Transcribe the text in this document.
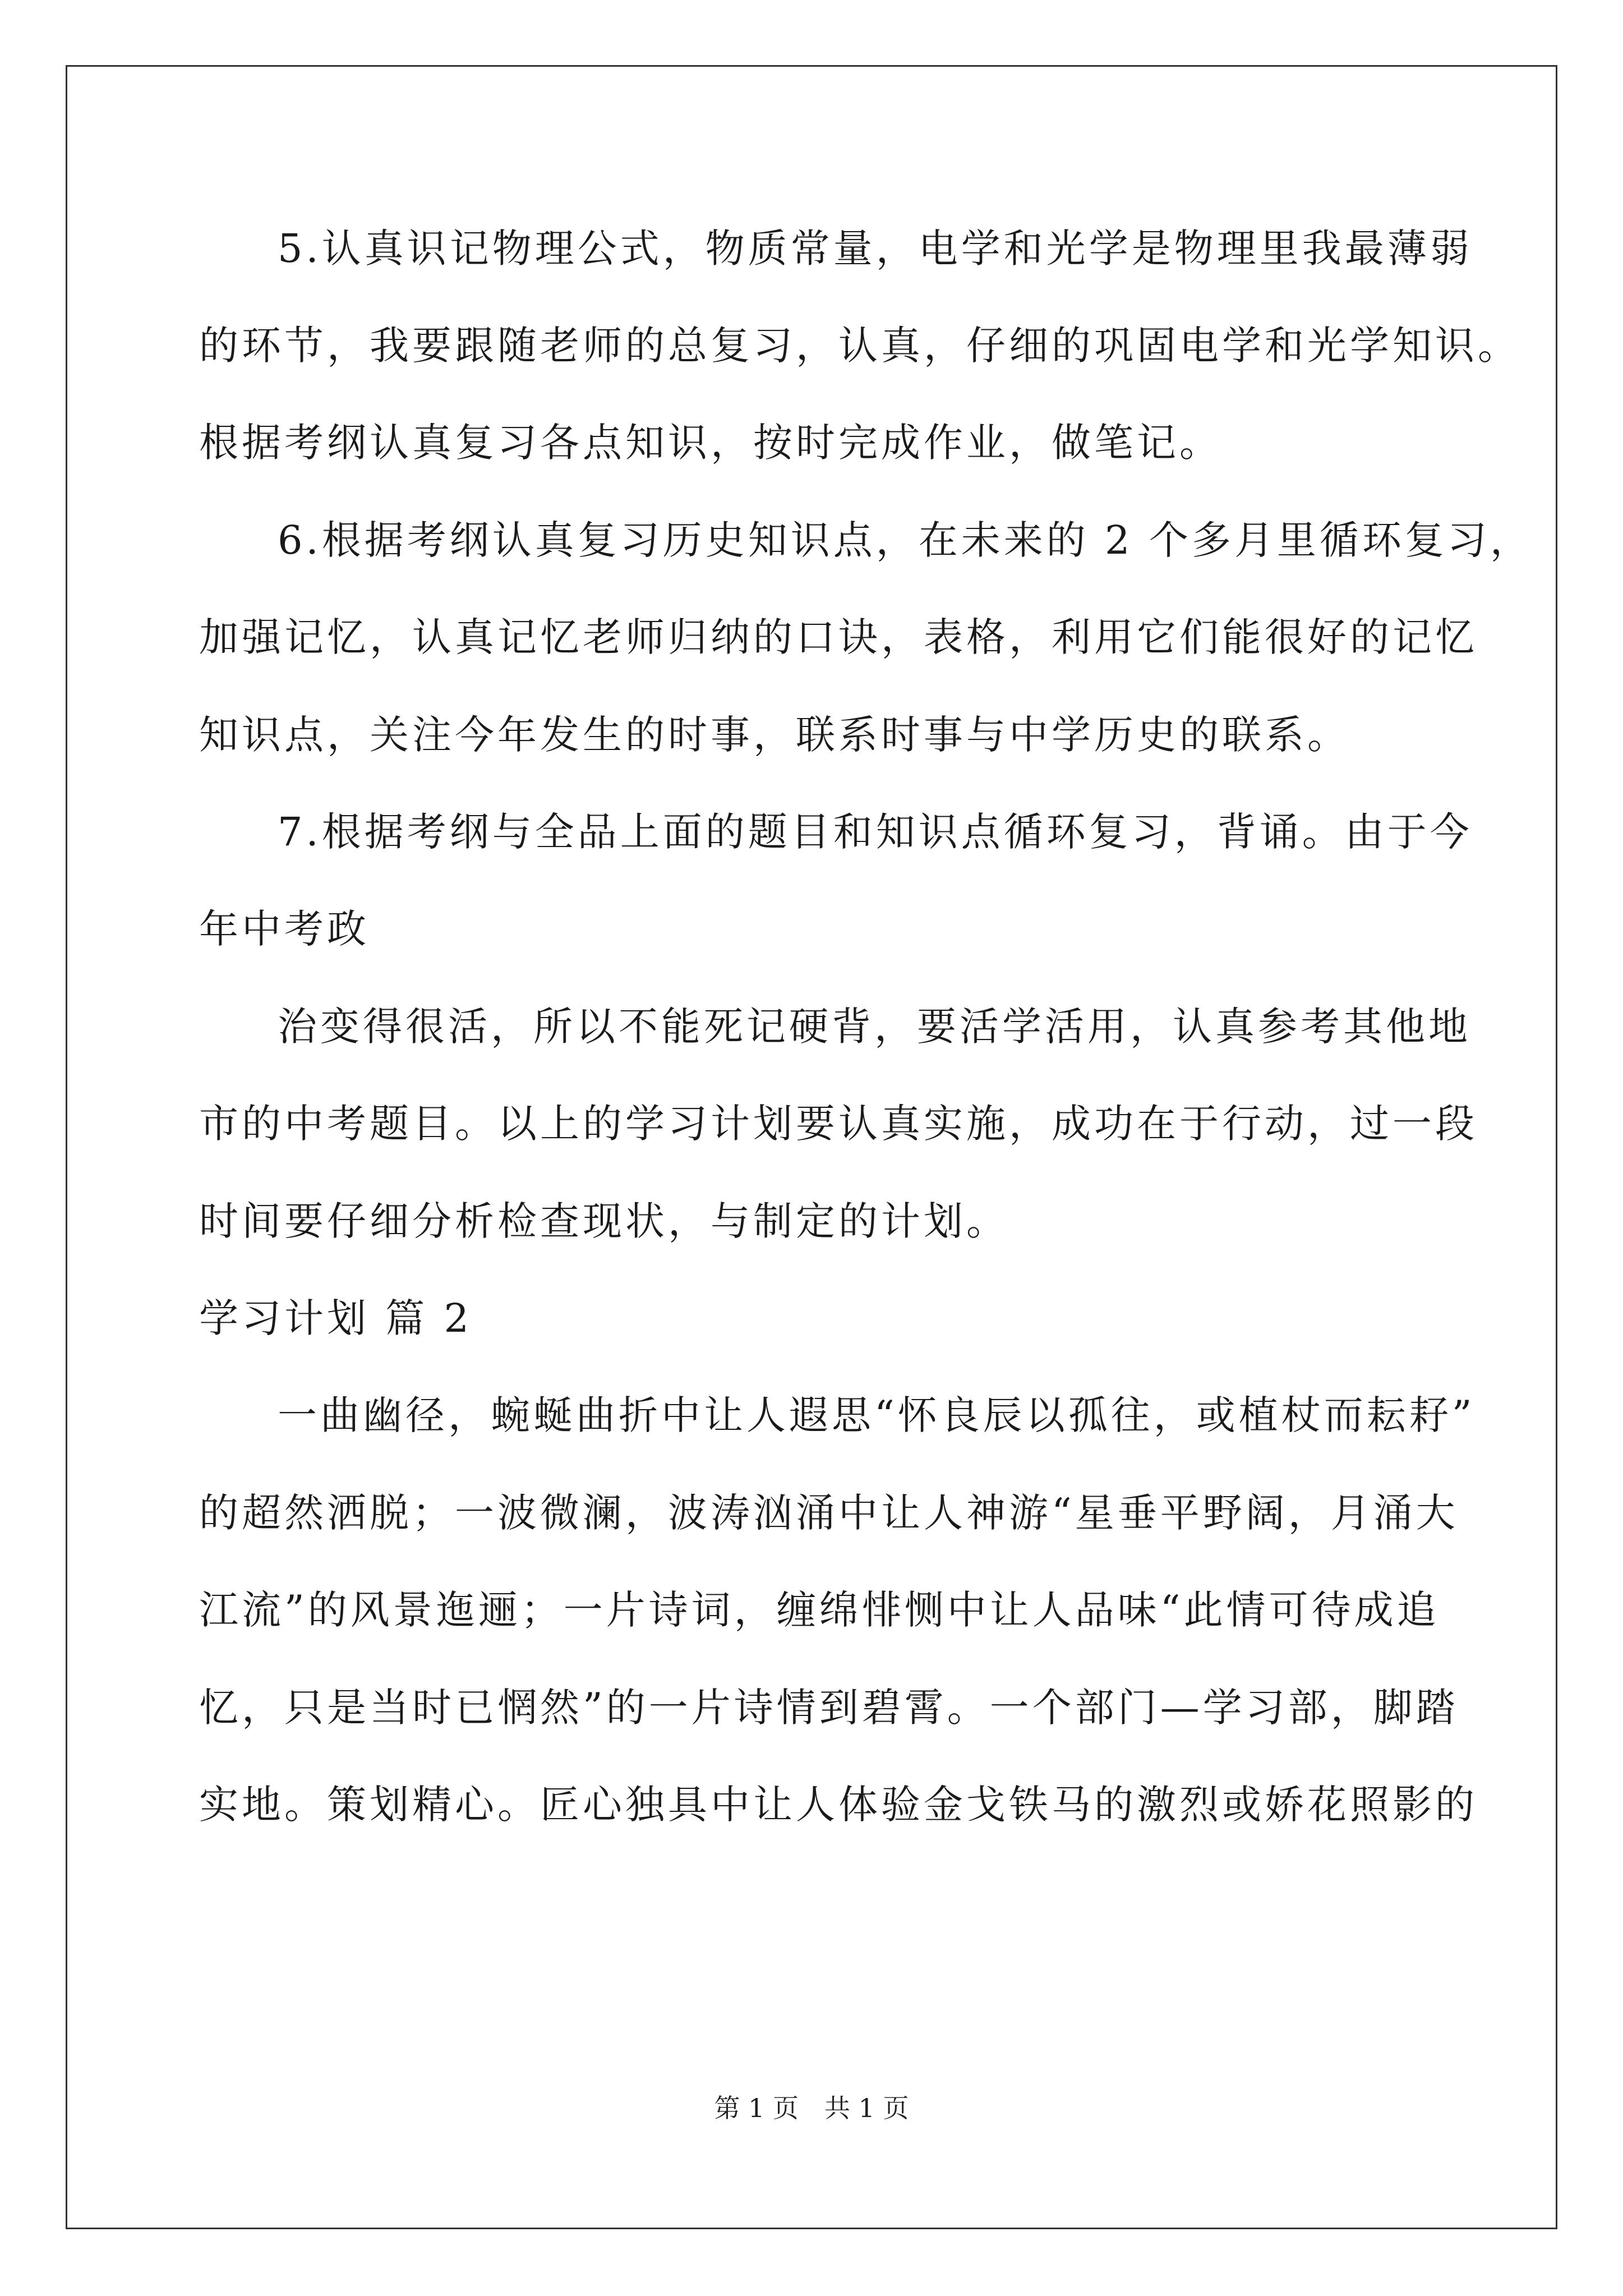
5.认真识记物理公式，物质常量，电学和光学是物理里我最薄弱
的环节，我要跟随老师的总复习，认真，仔细的巩固电学和光学知识。
根据考纲认真复习各点知识，按时完成作业，做笔记。
6.根据考纲认真复习历史知识点，在未来的 2 个多月里循环复习，
加强记忆，认真记忆老师归纳的口诀，表格，利用它们能很好的记忆
知识点，关注今年发生的时事，联系时事与中学历史的联系。
7.根据考纲与全品上面的题目和知识点循环复习，背诵。由于今
年中考政
治变得很活，所以不能死记硬背，要活学活用，认真参考其他地
市的中考题目。以上的学习计划要认真实施，成功在于行动，过一段
时间要仔细分析检查现状，与制定的计划。
学习计划 篇 2
一曲幽径，蜿蜒曲折中让人遐思“怀良辰以孤往，或植杖而耘耔”
的超然洒脱；一波微澜，波涛汹涌中让人神游“星垂平野阔，月涌大
江流”的风景迤逦；一片诗词，缠绵悱恻中让人品味“此情可待成追
忆，只是当时已惘然”的一片诗情到碧霄。一个部门—学习部，脚踏
实地。策划精心。匠心独具中让人体验金戈铁马的激烈或娇花照影的
第 1 页　共 1 页
